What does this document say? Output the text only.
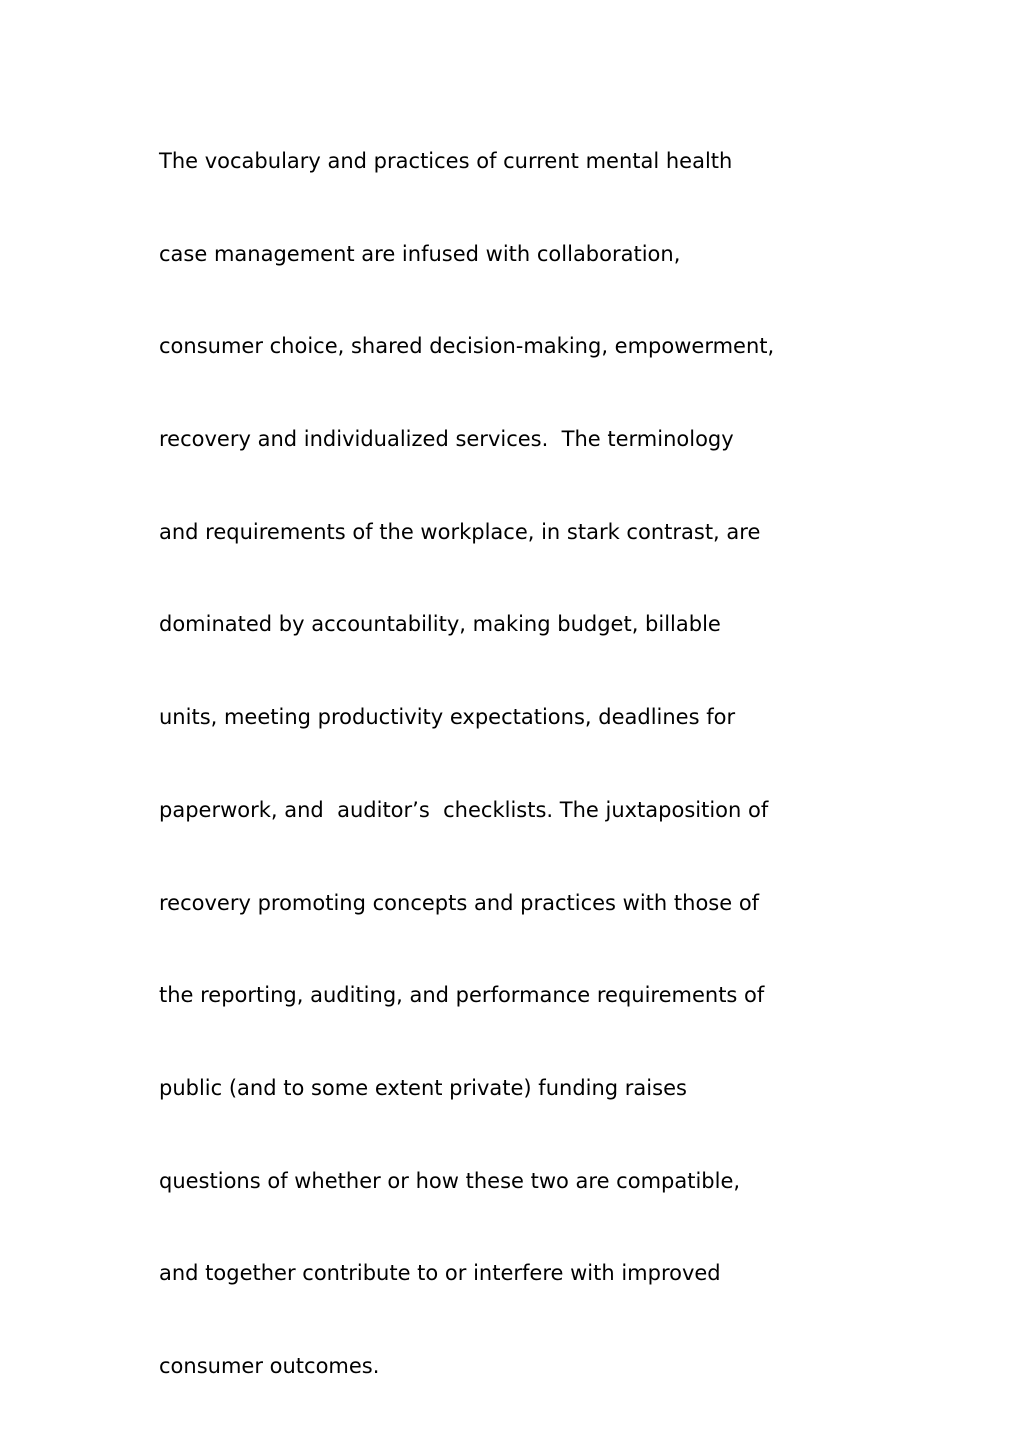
The vocabulary and practices of current mental health

case management are infused with collaboration,

consumer choice, shared decision-making, empowerment,

recovery and individualized services.  The terminology

and requirements of the workplace, in stark contrast, are

dominated by accountability, making budget, billable

units, meeting productivity expectations, deadlines for

paperwork, and  auditor’s  checklists. The juxtaposition of

recovery promoting concepts and practices with those of

the reporting, auditing, and performance requirements of

public (and to some extent private) funding raises

questions of whether or how these two are compatible,

and together contribute to or interfere with improved

consumer outcomes.
